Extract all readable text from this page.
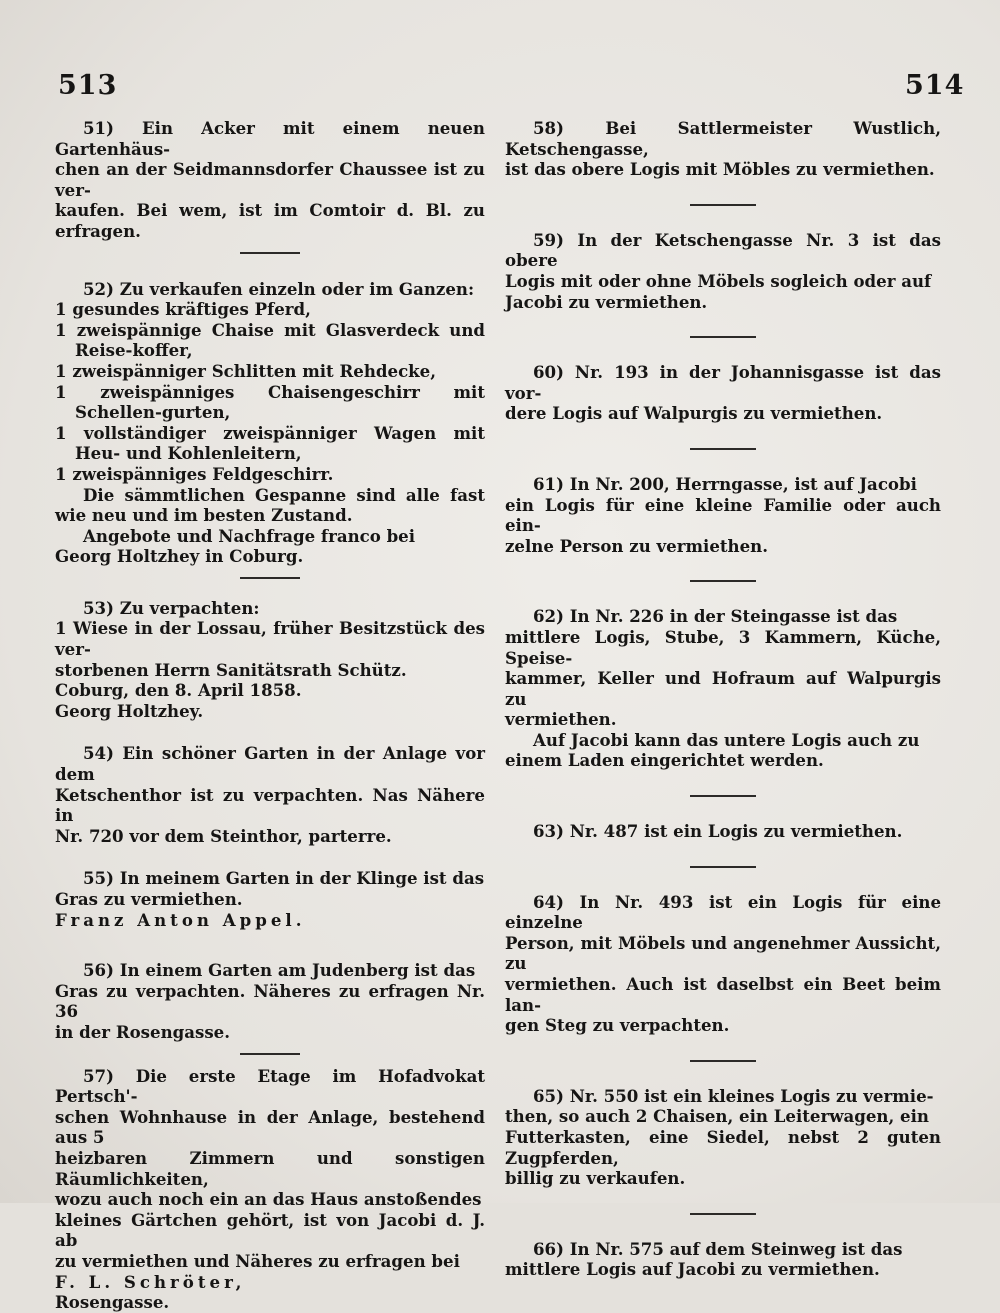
513	514

51) Ein Acker mit einem neuen Gartenhäus-

chen an der Seidmannsdorfer Chaussee ist zu ver-

kaufen. Bei wem, ist im Comtoir d. Bl. zu erfragen.

52) Zu verkaufen einzeln oder im Ganzen:

1 gesundes kräftiges Pferd,

1 zweispännige Chaise mit Glasverdeck und Reise-koffer,

1 zweispänniger Schlitten mit Rehdecke,

1 zweispänniges Chaisengeschirr mit Schellen-gurten,

1 vollständiger zweispänniger Wagen mit Heu- und Kohlenleitern,

1 zweispänniges Feldgeschirr.

Die sämmtlichen Gespanne sind alle fast wie neu und im besten Zustand.

Angebote und Nachfrage franco bei

Georg Holtzhey in Coburg.

53) Zu verpachten:

1 Wiese in der Lossau, früher Besitzstück des ver-

storbenen Herrn Sanitätsrath Schütz.

Coburg, den 8. April 1858.

Georg Holtzhey.

54) Ein schöner Garten in der Anlage vor dem

Ketschenthor ist zu verpachten. Nas Nähere in

Nr. 720 vor dem Steinthor, parterre.

55) In meinem Garten in der Klinge ist das

Gras zu vermiethen.

Franz Anton Appel.

56) In einem Garten am Judenberg ist das

Gras zu verpachten. Näheres zu erfragen Nr. 36

in der Rosengasse.

57) Die erste Etage im Hofadvokat Pertsch'-

schen Wohnhause in der Anlage, bestehend aus 5

heizbaren Zimmern und sonstigen Räumlichkeiten,

wozu auch noch ein an das Haus anstoßendes

kleines Gärtchen gehört, ist von Jacobi d. J. ab

zu vermiethen und Näheres zu erfragen bei

F. L. Schröter,

Rosengasse.

58) Bei Sattlermeister Wustlich, Ketschengasse,

ist das obere Logis mit Möbles zu vermiethen.

59) In der Ketschengasse Nr. 3 ist das obere

Logis mit oder ohne Möbels sogleich oder auf

Jacobi zu vermiethen.

60) Nr. 193 in der Johannisgasse ist das vor-

dere Logis auf Walpurgis zu vermiethen.

61) In Nr. 200, Herrngasse, ist auf Jacobi

ein Logis für eine kleine Familie oder auch ein-

zelne Person zu vermiethen.

62) In Nr. 226 in der Steingasse ist das

mittlere Logis, Stube, 3 Kammern, Küche, Speise-

kammer, Keller und Hofraum auf Walpurgis zu

vermiethen.

Auf Jacobi kann das untere Logis auch zu

einem Laden eingerichtet werden.

63) Nr. 487 ist ein Logis zu vermiethen.

64) In Nr. 493 ist ein Logis für eine einzelne

Person, mit Möbels und angenehmer Aussicht, zu

vermiethen. Auch ist daselbst ein Beet beim lan-

gen Steg zu verpachten.

65) Nr. 550 ist ein kleines Logis zu vermie-

then, so auch 2 Chaisen, ein Leiterwagen, ein

Futterkasten, eine Siedel, nebst 2 guten Zugpferden,

billig zu verkaufen.

66) In Nr. 575 auf dem Steinweg ist das

mittlere Logis auf Jacobi zu vermiethen.
